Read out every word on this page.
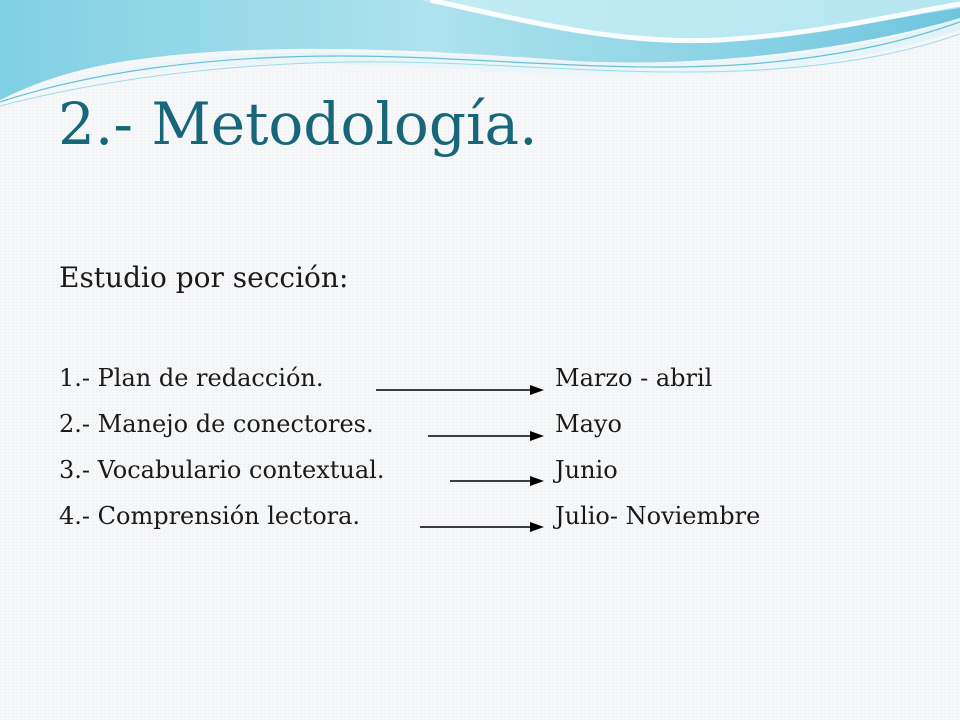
2.- Metodología.
Estudio por sección:
1.- Plan de redacción.	Marzo - abril
2.- Manejo de conectores.	Mayo
3.- Vocabulario contextual.	Junio
4.- Comprensión lectora.	Julio- Noviembre
